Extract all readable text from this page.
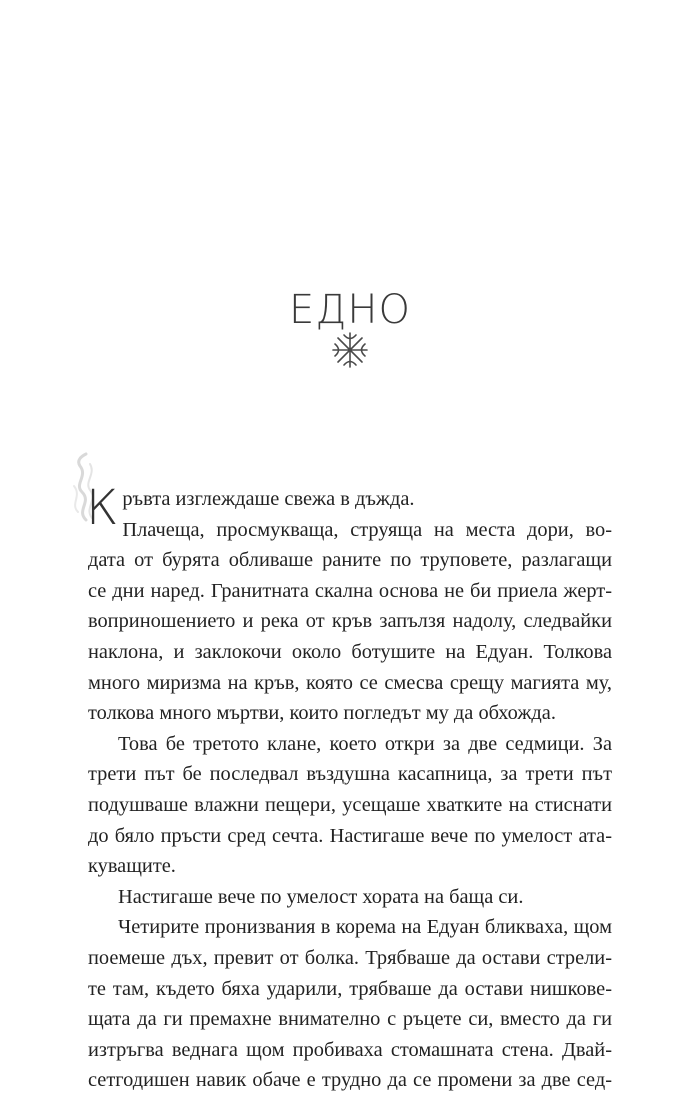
ЕДНО
Кръвта изглеждаше свежа в дъжда.
Плачеща, просмукваща, струяща на места дори, во-
дата от бурята обливаше раните по труповете, разлагащи
се дни наред. Гранитната скална основа не би приела жерт-
воприношението и река от кръв запълзя надолу, следвайки
наклона, и заклокочи около ботушите на Едуан. Толкова
много миризма на кръв, която се смесва срещу магията му,
толкова много мъртви, които погледът му да обхожда.
Това бе третото клане, което откри за две седмици. За
трети път бе последвал въздушна касапница, за трети път
подушваше влажни пещери, усещаше хватките на стиснати
до бяло пръсти сред сечта. Настигаше вече по умелост ата-
куващите.
Настигаше вече по умелост хората на баща си.
Четирите пронизвания в корема на Едуан бликваха, щом
поемеше дъх, превит от болка. Трябваше да остави стрели-
те там, където бяха ударили, трябваше да остави нишкове-
щата да ги премахне внимателно с ръцете си, вместо да ги
изтръгва веднага щом пробиваха стомашната стена. Двай-
сетгодишен навик обаче е трудно да се промени за две сед-
